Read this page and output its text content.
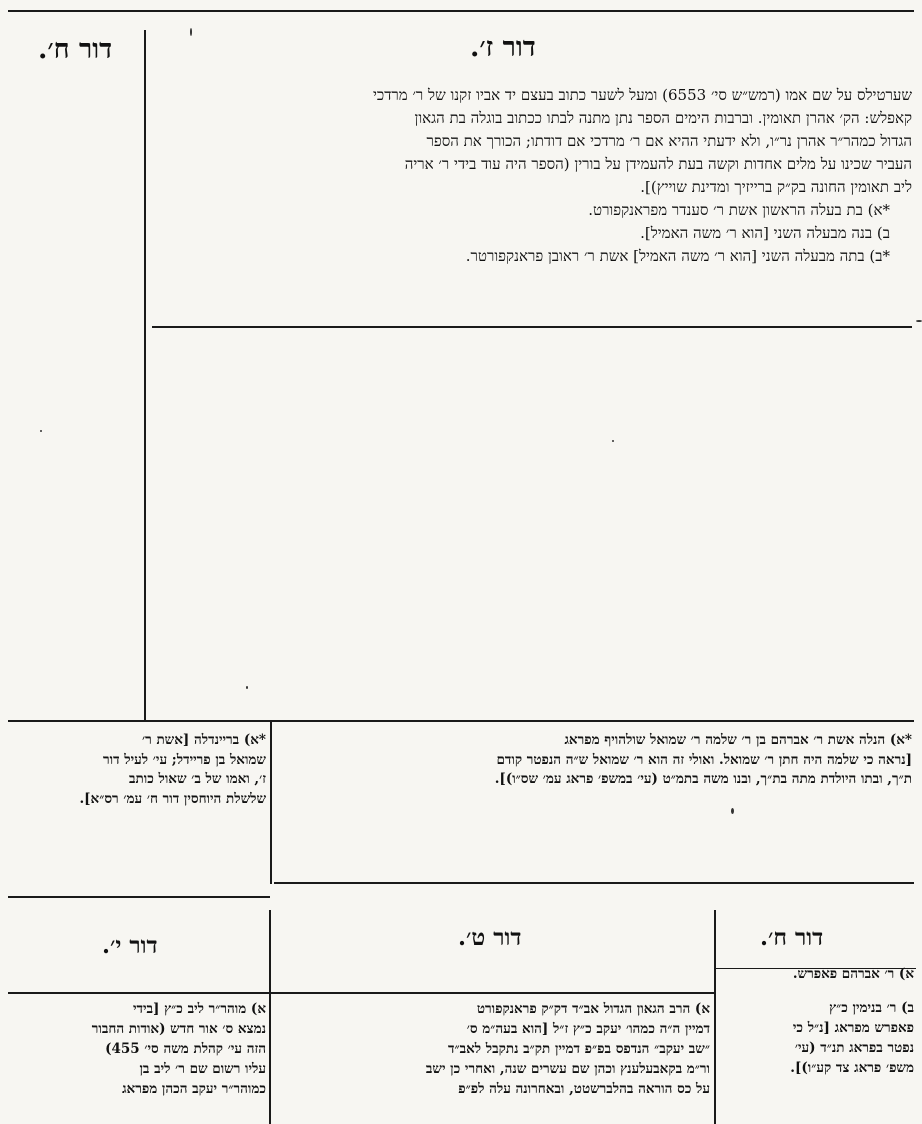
דור ז׳.
דור ח׳.
שערטילס על שם אמו (רמש״ש סי׳ 6553) ומעל לשער כתוב בעצם יד אביו זקנו של ר׳ מרדכי
קאפלש: הק׳ אהרן תאומין. וברבות הימים הספר נתן מתנה לבתו ככתוב בוגלה בת הגאון
הגדול כמהר״ר אהרן נר״ו, ולא ידעתי ההיא אם ר׳ מרדכי אם דודתו; הכורך את הספר
העביר שכינו על מלים אחדות וקשה בעת להעמידן על בורין (הספר היה עוד בידי ר׳ אריה
ליב תאומין החונה בק״ק ברייזיך ומדינת שוייץ)].
*א) בת בעלה הראשון אשת ר׳ סענדר מפראנקפורט.
ב) בנה מבעלה השני [הוא ר׳ משה האמיל].
*ב) בתה מבעלה השני [הוא ר׳ משה האמיל] אשת ר׳ ראובן פראנקפורטר.
*א) הנלה אשת ר׳ אברהם בן ר׳ שלמה ר׳ שמואל שולהויף מפראג
[נראה כי שלמה היה חתן ר׳ שמואל. ואולי זה הוא ר׳ שמואל ש״ה הנפטר קודם
ת״ך, ובתו היולדת מתה בת״ך, ובנו משה בתמ״ט (עי׳ במשפ׳ פראג עמ׳ שס״ו)].
*א) בריינדלה [אשת ר׳
שמואל בן פריידל; עי׳ לעיל דור
ז׳, ואמו של ב׳ שאול כותב
שלשלת היוחסין דור ח׳ עמ׳ רס״א].
דור ח׳.
דור ט׳.
דור י׳.
א) ר׳ אברהם פאפרש.
ב) ר׳ בנימין כ״ץ
פאפרש מפראג [נ״ל כי
נפטר בפראג תנ״ד (עי׳
משפ׳ פראג צד קע״ו)].
א) הרב הגאון הגדול אב״ד דק״ק פראנקפורט
דמיין ה״ה כמהו׳ יעקב כ״ץ ז״ל [הוא בעה״מ ס׳
״שב יעקב״ הנדפס בפ״פ דמיין תק״ב נתקבל לאב״ד
ור״מ בקאבעלענץ וכהן שם עשרים שנה, ואחרי כן ישב
על כס הוראה בהלברשטט, ובאחרונה עלה לפ״פ
א) מוהר״ר ליב כ״ץ [בידי
נמצא ס׳ אור חדש (אודות החבור
הזה עי׳ קהלת משה סי׳ 455)
עליו רשום שם ר׳ ליב בן
כמוהר״ר יעקב הכהן מפראג
